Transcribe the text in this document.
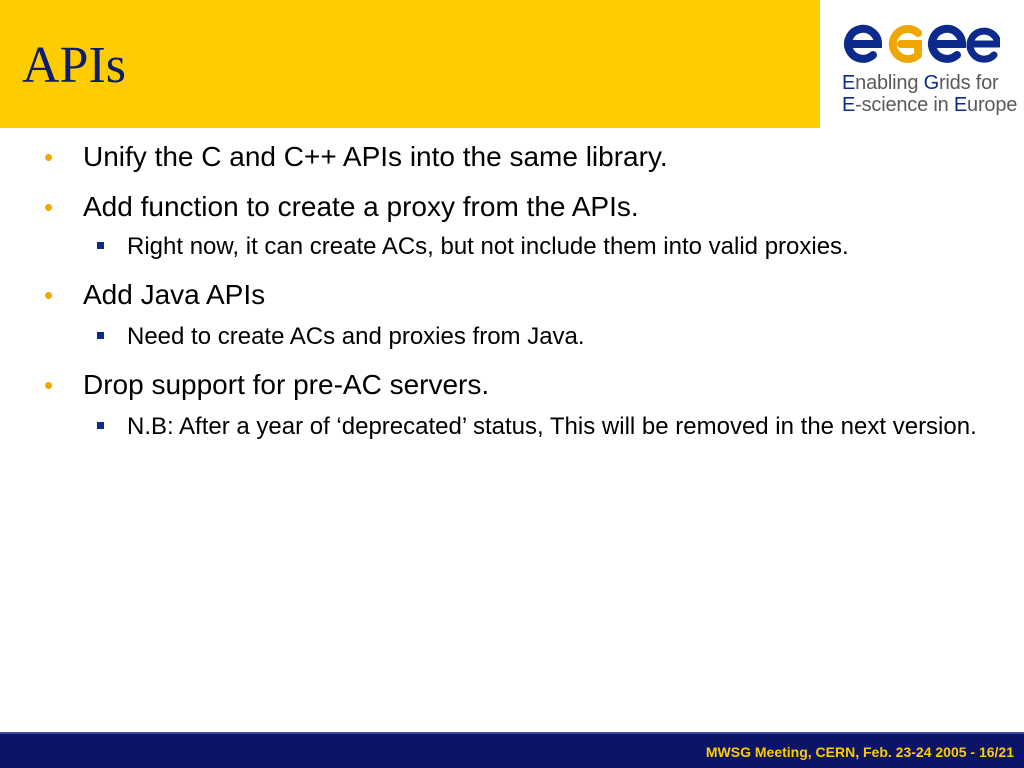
APIs	Enabling Grids for
E-science in Europe
• Unify the C and C++ APIs into the same library.
• Add function to create a proxy from the APIs.
Right now, it can create ACs, but not include them into valid proxies.
• Add Java APIs
Need to create ACs and proxies from Java.
• Drop support for pre-AC servers.
N.B: After a year of ‘deprecated’ status, This will be removed in the next version.
MWSG Meeting, CERN, Feb. 23-24 2005 - 16/21
